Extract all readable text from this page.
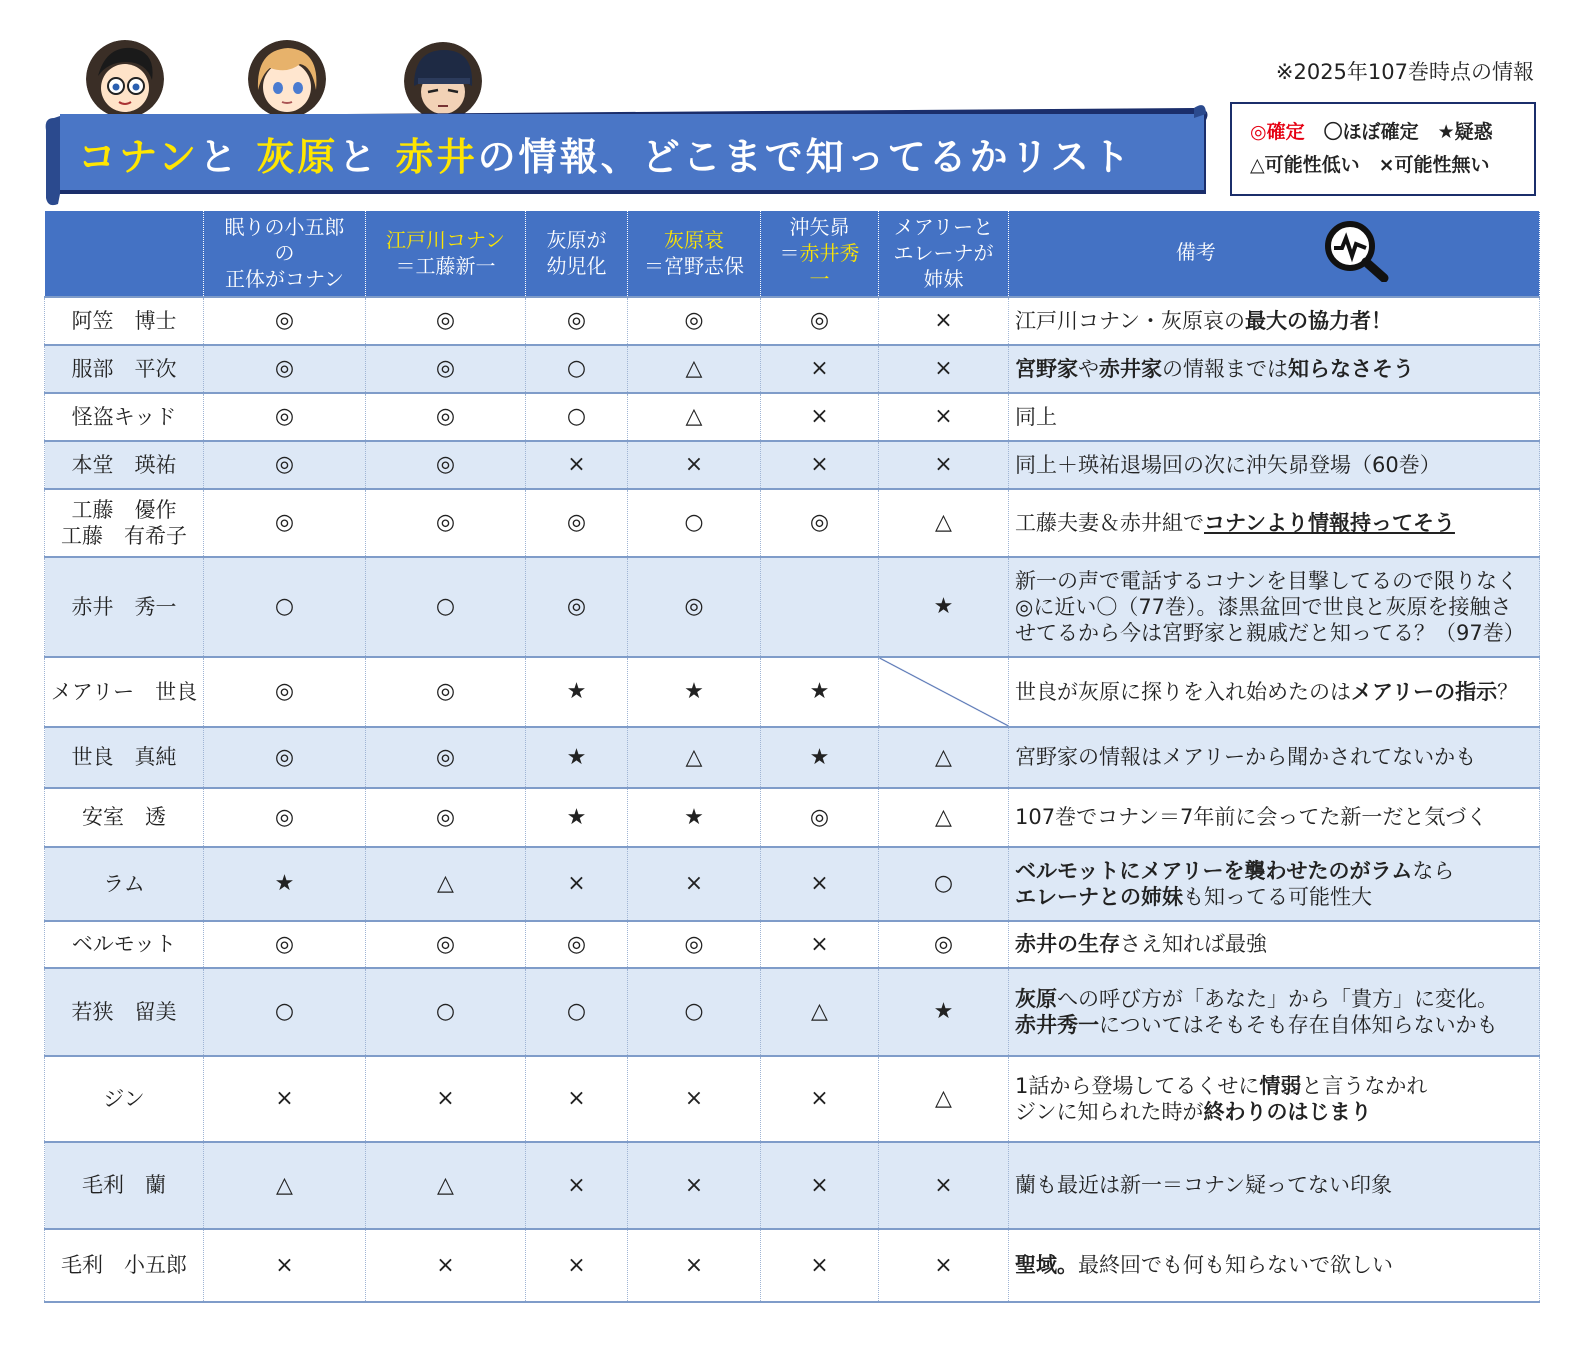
※2025年107巻時点の情報
コナンと 灰原と 赤井の情報、どこまで知ってるかリスト
◎確定　 〇ほぼ確定　 ★疑惑
△可能性低い　 ×可能性無い
	眠りの小五郎
の
正体がコナン	江戸川コナン
＝工藤新一	灰原が
幼児化	灰原哀
＝宮野志保	沖矢昴
＝赤井秀
一	メアリーと
エレーナが
姉妹	備考
阿笠　博士	◎	◎	◎	◎	◎	×	江戸川コナン・灰原哀の最大の協力者！
服部　平次	◎	◎	○	△	×	×	宮野家や赤井家の情報までは知らなさそう
怪盗キッド	◎	◎	○	△	×	×	同上
本堂　瑛祐	◎	◎	×	×	×	×	同上＋瑛祐退場回の次に沖矢昴登場（60巻）
工藤　優作
工藤　有希子	◎	◎	◎	○	◎	△	工藤夫妻＆赤井組でコナンより情報持ってそう
赤井　秀一	○	○	◎	◎		★	新一の声で電話するコナンを目撃してるので限りなく
◎に近い〇（77巻）。漆黒盆回で世良と灰原を接触さ
せてるから今は宮野家と親戚だと知ってる？（97巻）
メアリー　世良	◎	◎	★	★	★		世良が灰原に探りを入れ始めたのはメアリーの指示？
世良　真純	◎	◎	★	△	★	△	宮野家の情報はメアリーから聞かされてないかも
安室　透	◎	◎	★	★	◎	△	107巻でコナン＝7年前に会ってた新一だと気づく
ラム	★	△	×	×	×	○	ベルモットにメアリーを襲わせたのがラムなら
エレーナとの姉妹も知ってる可能性大
ベルモット	◎	◎	◎	◎	×	◎	赤井の生存さえ知れば最強
若狭　留美	○	○	○	○	△	★	灰原への呼び方が「あなた」から「貴方」に変化。
赤井秀一についてはそもそも存在自体知らないかも
ジン	×	×	×	×	×	△	1話から登場してるくせに情弱と言うなかれ
ジンに知られた時が終わりのはじまり
毛利　蘭	△	△	×	×	×	×	蘭も最近は新一＝コナン疑ってない印象
毛利　小五郎	×	×	×	×	×	×	聖域。最終回でも何も知らないで欲しい
